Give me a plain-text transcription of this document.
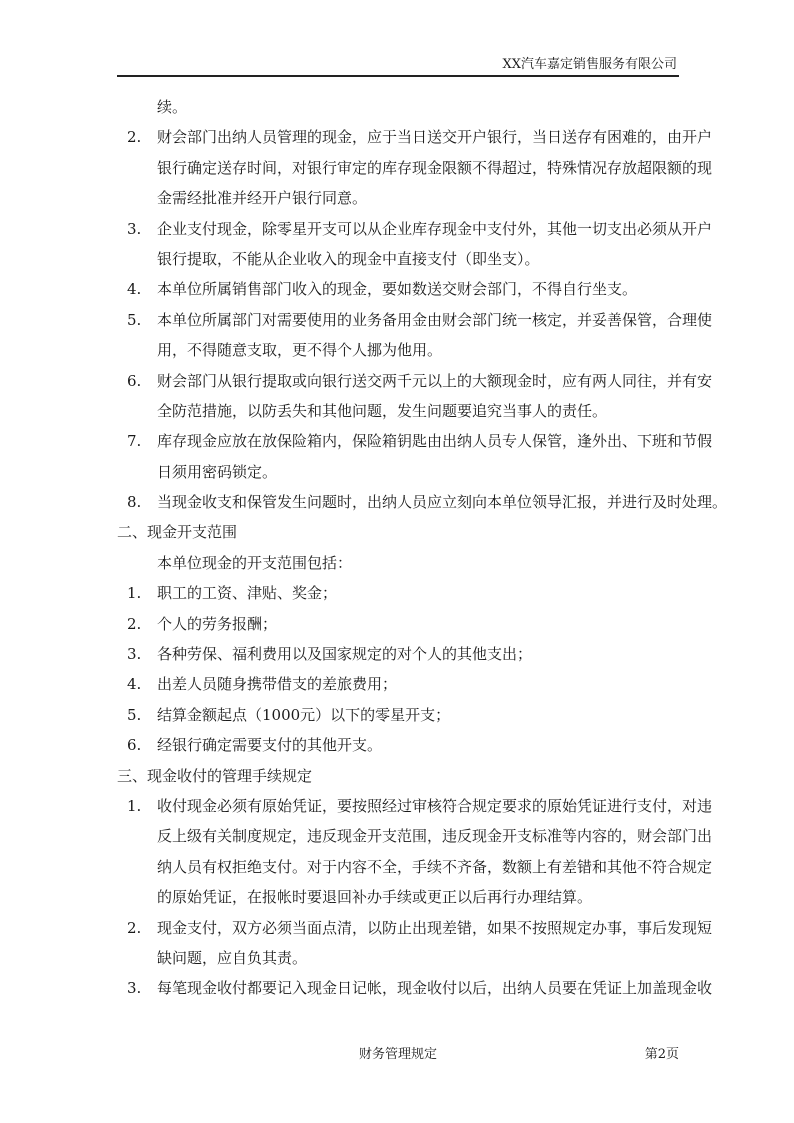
XX汽车嘉定销售服务有限公司
续。
2.	财会部门出纳人员管理的现金，应于当日送交开户银行，当日送存有困难的，由开户
银行确定送存时间，对银行审定的库存现金限额不得超过，特殊情况存放超限额的现
金需经批准并经开户银行同意。
3.	企业支付现金，除零星开支可以从企业库存现金中支付外，其他一切支出必须从开户
银行提取，不能从企业收入的现金中直接支付（即坐支）。
4.	本单位所属销售部门收入的现金，要如数送交财会部门，不得自行坐支。
5.	本单位所属部门对需要使用的业务备用金由财会部门统一核定，并妥善保管，合理使
用，不得随意支取，更不得个人挪为他用。
6.	财会部门从银行提取或向银行送交两千元以上的大额现金时，应有两人同往，并有安
全防范措施，以防丢失和其他问题，发生问题要追究当事人的责任。
7.	库存现金应放在放保险箱内，保险箱钥匙由出纳人员专人保管，逢外出、下班和节假
日须用密码锁定。
8.	当现金收支和保管发生问题时，出纳人员应立刻向本单位领导汇报，并进行及时处理。
二、现金开支范围
本单位现金的开支范围包括：
1.	职工的工资、津贴、奖金；
2.	个人的劳务报酬；
3.	各种劳保、福利费用以及国家规定的对个人的其他支出；
4.	出差人员随身携带借支的差旅费用；
5.	结算金额起点（1000元）以下的零星开支；
6.	经银行确定需要支付的其他开支。
三、现金收付的管理手续规定
1.	收付现金必须有原始凭证，要按照经过审核符合规定要求的原始凭证进行支付，对违
反上级有关制度规定，违反现金开支范围，违反现金开支标准等内容的，财会部门出
纳人员有权拒绝支付。对于内容不全，手续不齐备，数额上有差错和其他不符合规定
的原始凭证，在报帐时要退回补办手续或更正以后再行办理结算。
2.	现金支付，双方必须当面点清，以防止出现差错，如果不按照规定办事，事后发现短
缺问题，应自负其责。
3.	每笔现金收付都要记入现金日记帐，现金收付以后，出纳人员要在凭证上加盖现金收
财务管理规定	第2页
